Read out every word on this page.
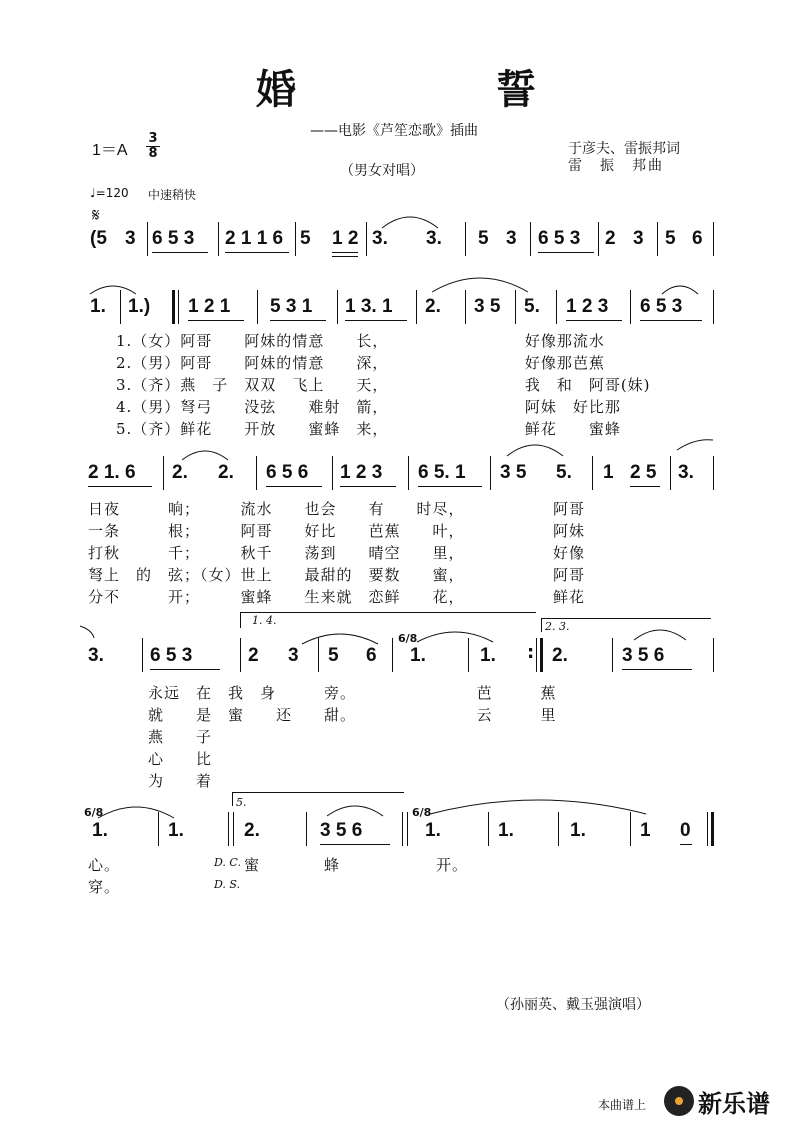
婚　誓
——电影《芦笙恋歌》插曲
1＝A
3
8	于彦夫、雷振邦词
雷　振　邦曲
（男女对唱）
♩=120 中速稍快
𝄋
(5 3 6 5 3 2 1 1 6 5 1 2 3. 3. 5 3 6 5 3 2 3 5 6
1. 1.) 1 2 1 5 3 1 1 3. 1 2. 3 5 5. 1 2 3 6 5 3
1.（女）阿哥　　阿妹的情意　　长，　　　　　　　　　好像那流水
2.（男）阿哥　　阿妹的情意　　深，　　　　　　　　　好像那芭蕉
3.（齐）燕　子　双双　飞上　　天，　　　　　　　　　我　和　阿哥(妹)
4.（男）弩弓　　没弦　　难射　箭，　　　　　　　　　阿妹　好比那
5.（齐）鲜花　　开放　　蜜蜂　来，　　　　　　　　　鲜花　　蜜蜂
2 1. 6 2. 2. 6 5 6 1 2 3 6 5. 1 3 5 5. 1 2 5 3.
日夜　　　响；　　　流水　　也会　　有　　时尽，　　　　　　阿哥
一条　　　根；　　　阿哥　　好比　　芭蕉　　叶，　　　　　　阿妹
打秋　　　千；　　　秋千　　荡到　　晴空　　里，　　　　　　好像
弩上　的　弦；（女）世上　　最甜的　要数　　蜜，　　　　　　阿哥
分不　　　开；　　　蜜蜂　　生来就　恋鲜　　花，　　　　　　鲜花
1. 4.	2. 3.
3. 6 5 3	2 3 5 6 1.	1.	2.	3 5 6
6/8
:
永远　在　我　身　　　旁。　　　　　　　　芭　　　蕉
就　　是　蜜　　还　　甜。　　　　　　　　云　　　里
燕　　子
心　　比
为　　着
5.
1.	1.	2.	3 5 6	1.	1.	1.	1 0
6/8	6/8
心。
穿。
D. C. 蜜　　　　蜂　　　　　　开。
D. S.
（孙丽英、戴玉强演唱）
本曲谱上 新乐谱
